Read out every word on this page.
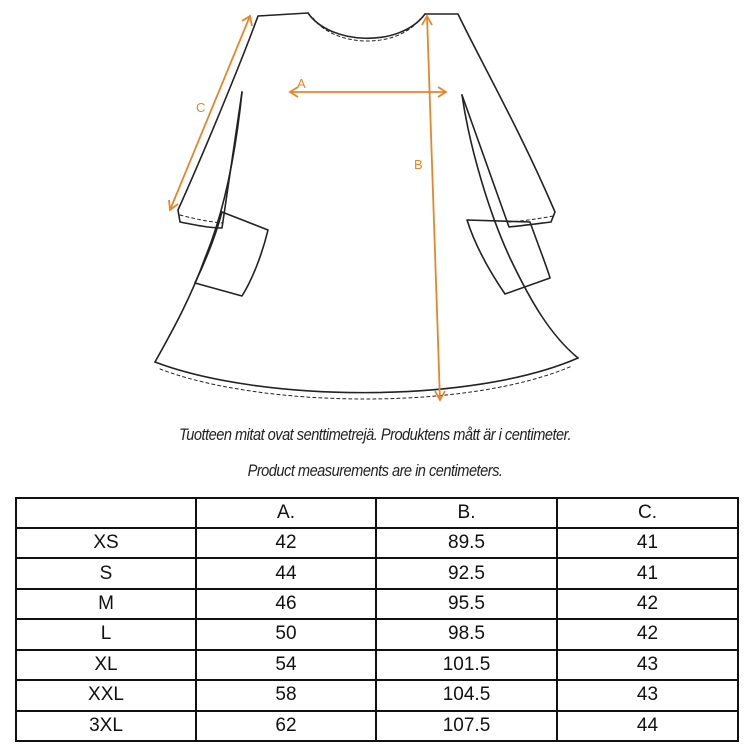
A
B
C
Tuotteen mitat ovat senttimetrejä. Produktens mått är i centimeter.
Product measurements are in centimeters.
	A.	B.	C.
XS	42	89.5	41
S	44	92.5	41
M	46	95.5	42
L	50	98.5	42
XL	54	101.5	43
XXL	58	104.5	43
3XL	62	107.5	44
